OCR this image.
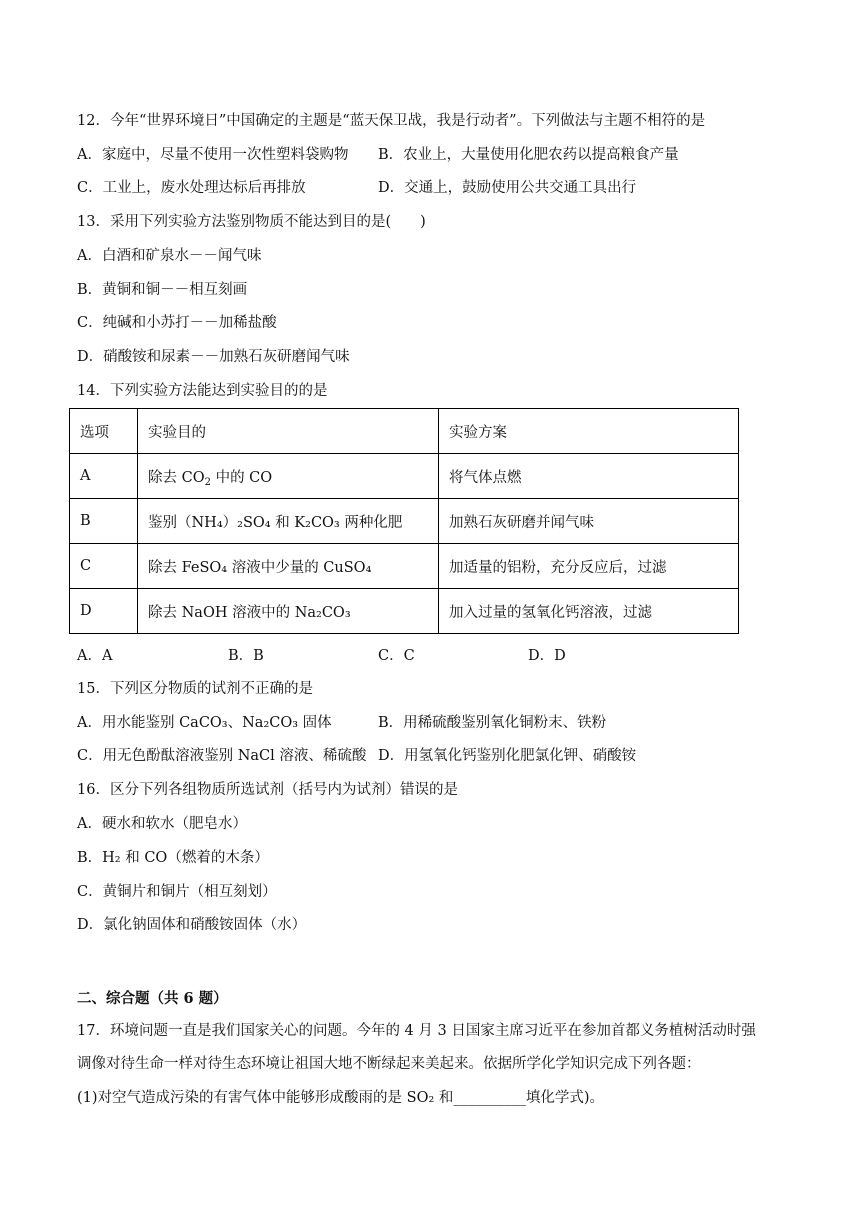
12．今年“世界环境日”中国确定的主题是“蓝天保卫战，我是行动者”。下列做法与主题不相符的是
A．家庭中，尽量不使用一次性塑料袋购物 B．农业上，大量使用化肥农药以提高粮食产量
C．工业上，废水处理达标后再排放	D．交通上，鼓励使用公共交通工具出行
13．采用下列实验方法鉴别物质不能达到目的是(　　)
A．白酒和矿泉水－－闻气味
B．黄铜和铜－－相互刻画
C．纯碱和小苏打－－加稀盐酸
D．硝酸铵和尿素－－加熟石灰研磨闻气味
14．下列实验方法能达到实验目的的是
选项	实验目的	实验方案
A	除去 $CO_2$ 中的 CO	将气体点燃
B	鉴别（NH₄）₂SO₄ 和 K₂CO₃ 两种化肥	加熟石灰研磨并闻气味
C	除去 FeSO₄ 溶液中少量的 CuSO₄	加适量的铝粉，充分反应后，过滤
D	除去 NaOH 溶液中的 Na₂CO₃	加入过量的氢氧化钙溶液，过滤
A．A	B．B	C．C	D．D
15．下列区分物质的试剂不正确的是
A．用水能鉴别 CaCO₃、Na₂CO₃ 固体	B．用稀硫酸鉴别氧化铜粉末、铁粉
C．用无色酚酞溶液鉴别 NaCl 溶液、稀硫酸 D．用氢氧化钙鉴别化肥氯化钾、硝酸铵
16．区分下列各组物质所选试剂（括号内为试剂）错误的是
A．硬水和软水（肥皂水）
B．H₂ 和 CO（燃着的木条）
C．黄铜片和铜片（相互刻划）
D．氯化钠固体和硝酸铵固体（水）
二、综合题（共 6 题）
17．环境问题一直是我们国家关心的问题。今年的 4 月 3 日国家主席习近平在参加首都义务植树活动时强
调像对待生命一样对待生态环境让祖国大地不断绿起来美起来。依据所学化学知识完成下列各题：
(1)对空气造成污染的有害气体中能够形成酸雨的是 SO₂ 和__________填化学式)。
